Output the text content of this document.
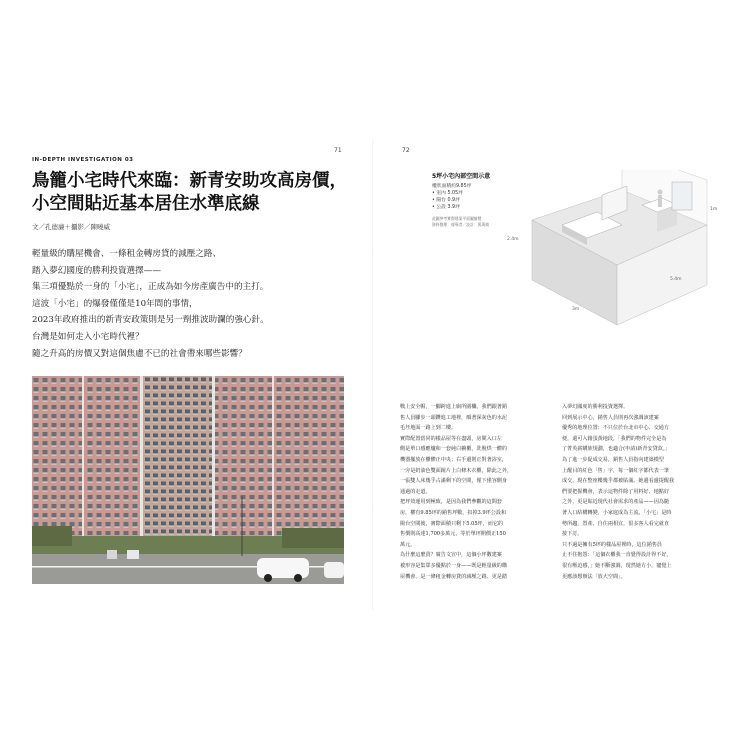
71
IN-DEPTH INVESTIGATION 03
鳥籠小宅時代來臨：新青安助攻高房價，
小空間貼近基本居住水準底線
文／孔德廉＋攝影／陳曉威
輕量級的購屋機會、一條租金轉房貸的減壓之路、
踏入夢幻國度的勝利投資選擇——
集三項優點於一身的「小宅」，正成為如今房產廣告中的主打。
這波「小宅」的爆發僅僅是10年間的事情，
2023年政府推出的新青安政策則是另一劑推波助瀾的強心針。
台灣是如何走入小宅時代裡？
隨之升高的房價又對這個焦慮不已的社會帶來哪些影響？
72
5坪小宅內部空間示意
權狀面積約9.85坪
• 室內 5.05坪
• 陽台 0.9坪
• 公設 3.9坪
此圖參考實際建案平面圖繪製
資料整理：報導者／設計：黃禹禛
2.4m
5.4m
3m
1m

戰上安全帽，一腳跨進上廁所圍欄，我們跟著銷
售人員腳步一頭鑽進工地裡，順著深灰色的水泥
毛坯地面一路上到二樓。

實際配置當同的樣品屋等在盡頭，房間入口左
側是單口感應爐和一套純白櫥櫃，洗脫烘一體的
機器擺放在櫃體正中央；右手邊則正對著浴室，
一旁是奶油色雙面鏡片上白條木衣櫃，除此之外，
一張雙人床幾乎占滿剩下的空間，僅下僅容側身
通過的走道。

把坪效運用到極致，是因為我們參觀的這間套
房，權有9.85坪的銷售坪數，扣掉3.9坪公設和
陽台空間後，實際面積只剩下5.05坪，而它的
售價則高達1,700多萬元，等於單坪開價正150
萬元。

為什麼這麼貴？廣告文宣中，這個小坪數建案
被形容是集眾多優點於一身——既是輕量級的購
屋機會、是一條租金轉房貸的減壓之路、更是踏

入夢幻國度的勝利投資選擇。

回到展示中心，銷售人員則再次強調該建案
優秀的地理位置：不只位於台北市中心、交通方
便，還可入籍蛋黃地段，「我們的物件完全是為
了菁英薪購族規劃，也適合(申請)新青安貸款。」

為了進一步促成交易，銷售人員指向建築模型
上醒目的紅色「售」字，每一個紅字都代表一筆
成交，現在整座樓幾乎都被貼滿。她邊看邊提醒我
們要把握機會，表示這物件除了用料好、地點好
之外，更是貼近現代社會需求的產品——因為隨
著人口結構轉變，小家庭成為主流，「小宅」是時
勢所趨，置產、自住兩相宜，很多客人看完就直
接下訂。

只不過是擁有5坪的樣品屋裡時，這位銷售員
止不住抱怨：「這個衣櫃我一直覺得設計得不好，
很有壓迫感，」她不斷強調，現然她方小，寵覺上
更應該想辦法「放大空間」。
